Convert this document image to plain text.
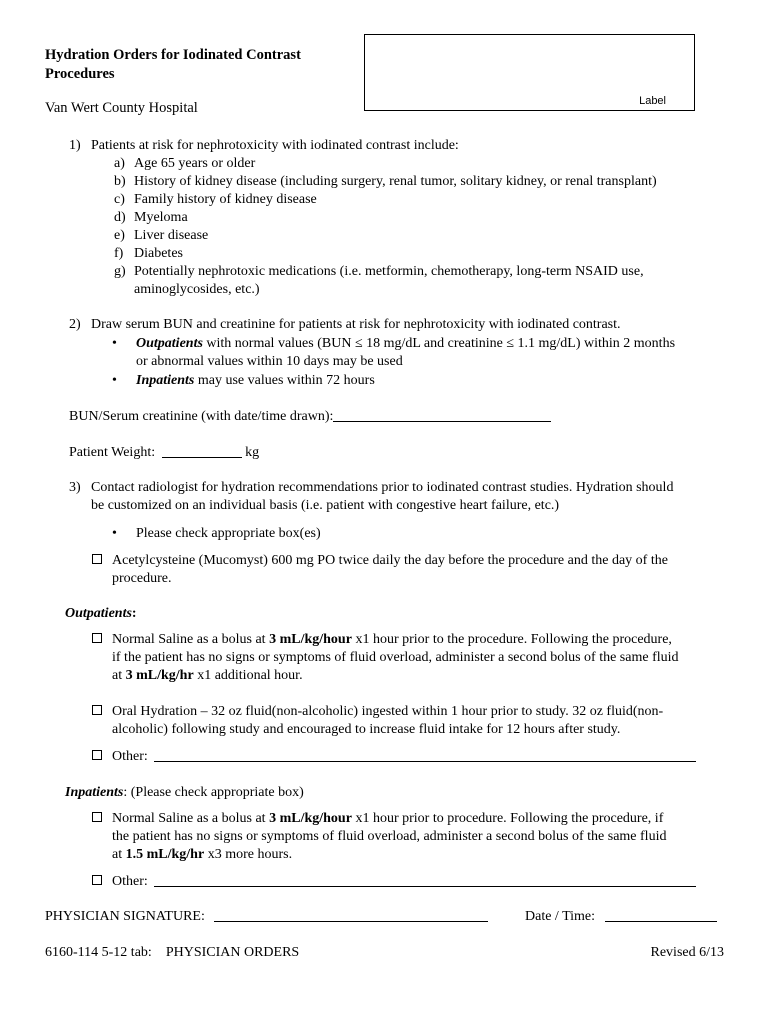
Hydration Orders for Iodinated Contrast
Procedures
Van Wert County Hospital	Label
1) Patients at risk for nephrotoxicity with iodinated contrast include:
a) Age 65 years or older
b) History of kidney disease (including surgery, renal tumor, solitary kidney, or renal transplant)
c) Family history of kidney disease
d) Myeloma
e) Liver disease
f) Diabetes
g) Potentially nephrotoxic medications (i.e. metformin, chemotherapy, long-term NSAID use,
aminoglycosides, etc.)
2) Draw serum BUN and creatinine for patients at risk for nephrotoxicity with iodinated contrast.
• Outpatients with normal values (BUN ≤ 18 mg/dL and creatinine ≤ 1.1 mg/dL) within 2 months
or abnormal values within 10 days may be used
• Inpatients may use values within 72 hours
BUN/Serum creatinine (with date/time drawn):
Patient Weight:	kg
3) Contact radiologist for hydration recommendations prior to iodinated contrast studies. Hydration should
be customized on an individual basis (i.e. patient with congestive heart failure, etc.)
• Please check appropriate box(es)
Acetylcysteine (Mucomyst) 600 mg PO twice daily the day before the procedure and the day of the
procedure.
Outpatients:
Normal Saline as a bolus at 3 mL/kg/hour x1 hour prior to the procedure. Following the procedure,
if the patient has no signs or symptoms of fluid overload, administer a second bolus of the same fluid
at 3 mL/kg/hr x1 additional hour.
Oral Hydration – 32 oz fluid(non-alcoholic) ingested within 1 hour prior to study. 32 oz fluid(non-
alcoholic) following study and encouraged to increase fluid intake for 12 hours after study.
Other:
Inpatients: (Please check appropriate box)
Normal Saline as a bolus at 3 mL/kg/hour x1 hour prior to procedure. Following the procedure, if
the patient has no signs or symptoms of fluid overload, administer a second bolus of the same fluid
at 1.5 mL/kg/hr x3 more hours.
Other:
PHYSICIAN SIGNATURE:	Date / Time:
6160-114 5-12 tab: PHYSICIAN ORDERS	Revised 6/13
